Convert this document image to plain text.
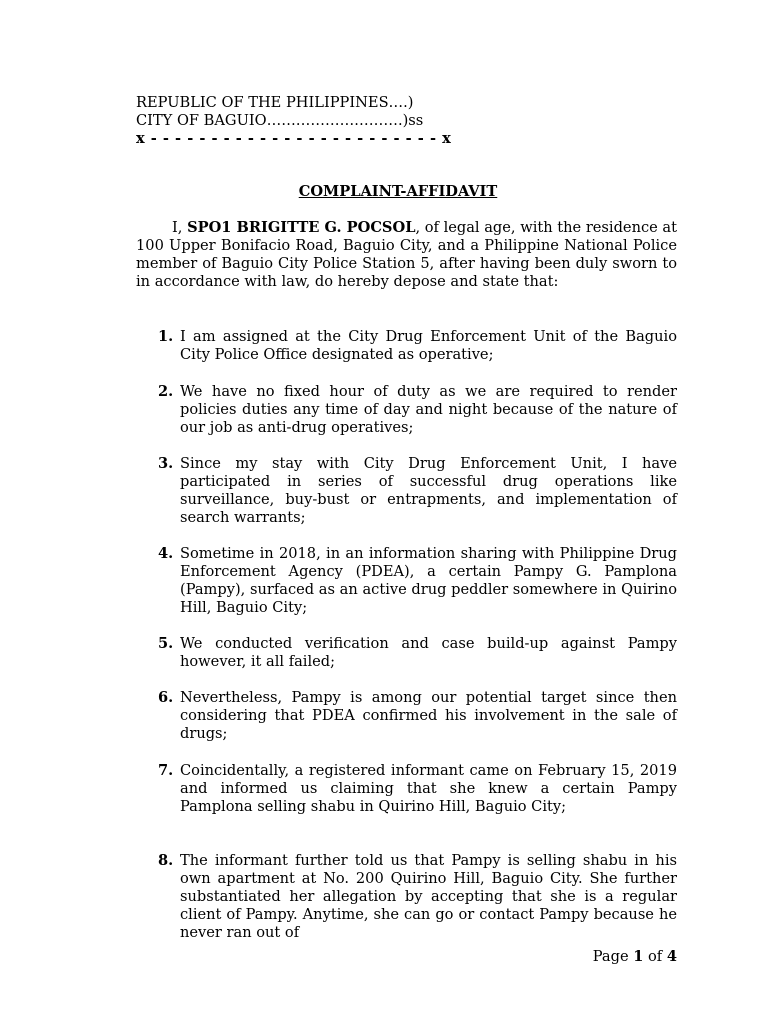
REPUBLIC OF THE PHILIPPINES….)
CITY OF BAGUIO……………………….)ss
x - - - - - - - - - - - - - - - - - - - - - - - - x
COMPLAINT-AFFIDAVIT
I, SPO1 BRIGITTE G. POCSOL, of legal age, with the residence at 100 Upper Bonifacio Road, Baguio City, and a Philippine National Police member of Baguio City Police Station 5, after having been duly sworn to in accordance with law, do hereby depose and state that:
1. I am assigned at the City Drug Enforcement Unit of the Baguio City Police Office designated as operative;
2. We have no fixed hour of duty as we are required to render policies duties any time of day and night because of the nature of our job as anti-drug operatives;
3. Since my stay with City Drug Enforcement Unit, I have participated in series of successful drug operations like surveillance, buy-bust or entrapments, and implementation of search warrants;
4. Sometime in 2018, in an information sharing with Philippine Drug Enforcement Agency (PDEA), a certain Pampy G. Pamplona (Pampy), surfaced as an active drug peddler somewhere in Quirino Hill, Baguio City;
5. We conducted verification and case build-up against Pampy however, it all failed;
6. Nevertheless, Pampy is among our potential target since then considering that PDEA confirmed his involvement in the sale of drugs;
7. Coincidentally, a registered informant came on February 15, 2019 and informed us claiming that she knew a certain Pampy Pamplona selling shabu in Quirino Hill, Baguio City;
8. The informant further told us that Pampy is selling shabu in his own apartment at No. 200 Quirino Hill, Baguio City. She further substantiated her allegation by accepting that she is a regular client of Pampy. Anytime, she can go or contact Pampy because he never ran out of
Page 1 of 4
